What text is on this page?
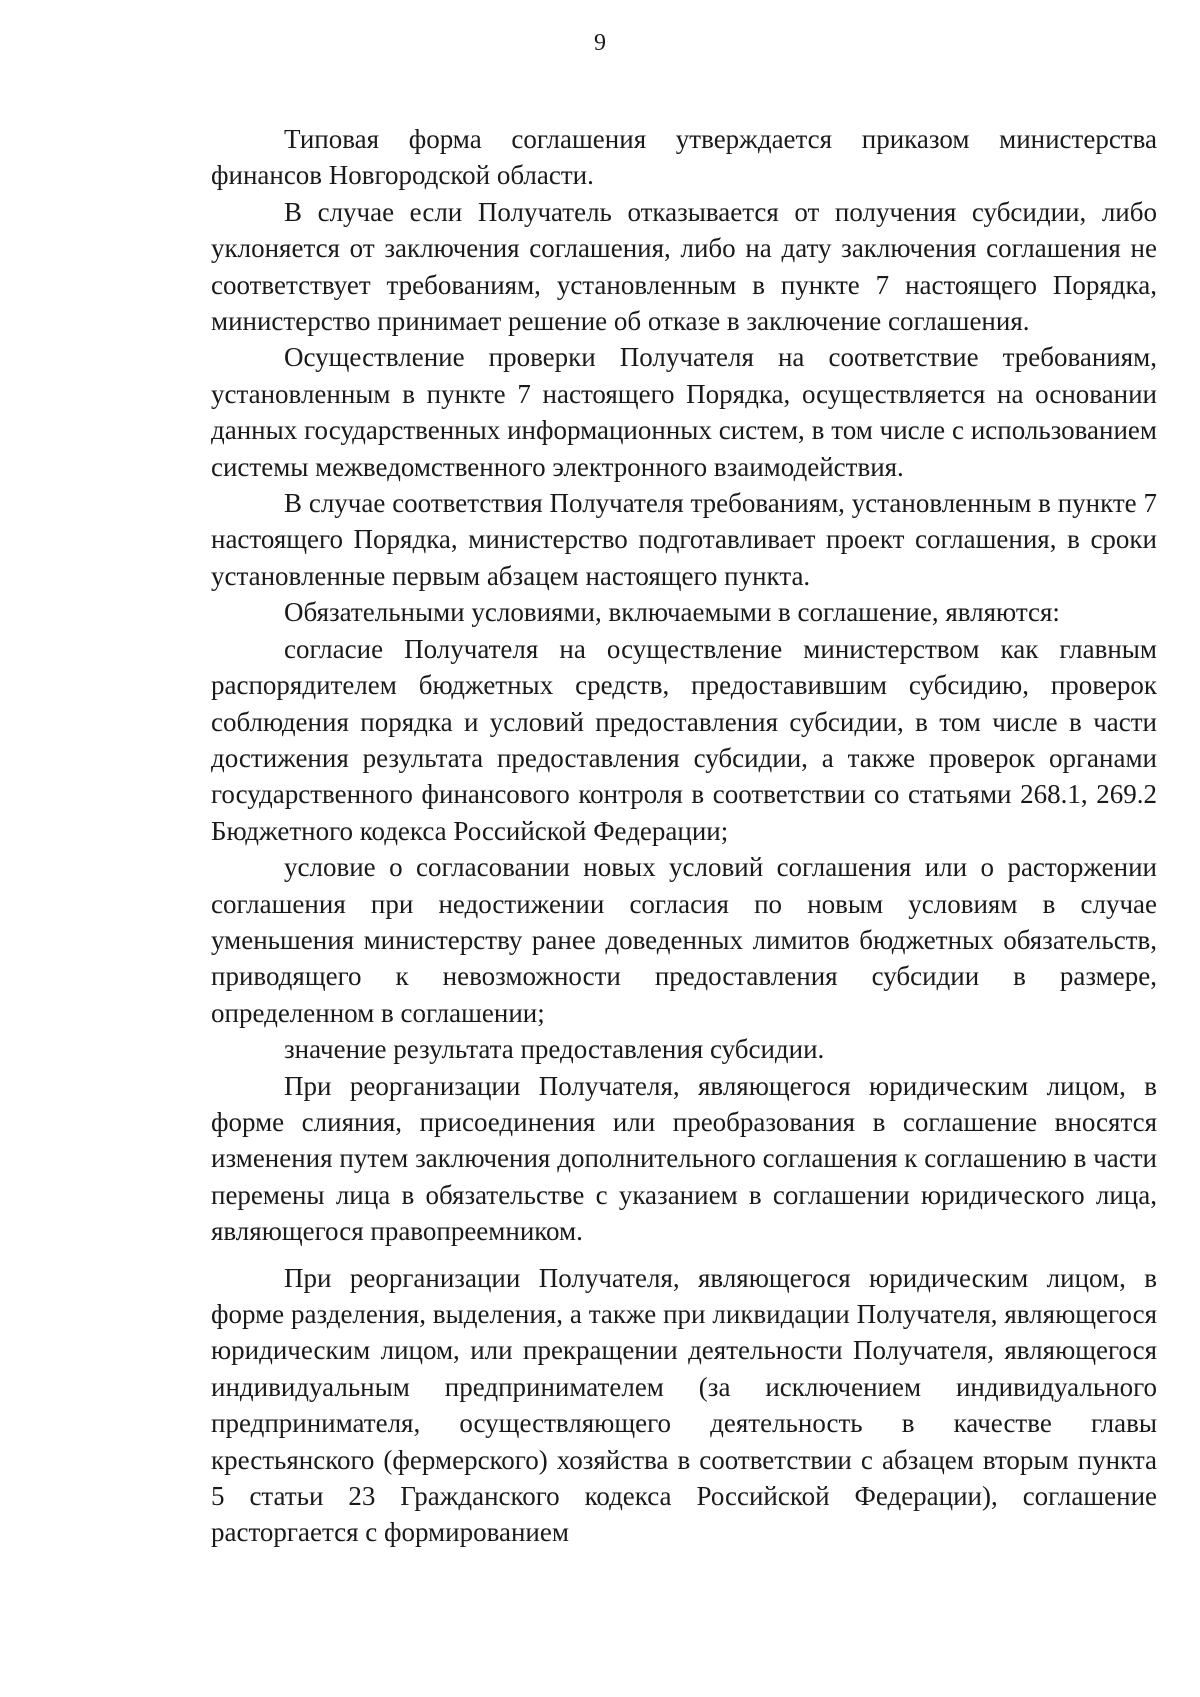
9

Типовая форма соглашения утверждается приказом министерства финансов Новгородской области.

В случае если Получатель отказывается от получения субсидии, либо уклоняется от заключения соглашения, либо на дату заключения соглашения не соответствует требованиям, установленным в пункте 7 настоящего Порядка, министерство принимает решение об отказе в заключение соглашения.

Осуществление проверки Получателя на соответствие требованиям, установленным в пункте 7 настоящего Порядка, осуществляется на основании данных государственных информационных систем, в том числе с использованием системы межведомственного электронного взаимодействия.

В случае соответствия Получателя требованиям, установленным в пункте 7 настоящего Порядка, министерство подготавливает проект соглашения, в сроки установленные первым абзацем настоящего пункта.

Обязательными условиями, включаемыми в соглашение, являются:

согласие Получателя на осуществление министерством как главным распорядителем бюджетных средств, предоставившим субсидию, проверок соблюдения порядка и условий предоставления субсидии, в том числе в части достижения результата предоставления субсидии, а также проверок органами государственного финансового контроля в соответствии со статьями 268.1, 269.2 Бюджетного кодекса Российской Федерации;

условие о согласовании новых условий соглашения или о расторжении соглашения при недостижении согласия по новым условиям в случае уменьшения министерству ранее доведенных лимитов бюджетных обязательств, приводящего к невозможности предоставления субсидии в размере, определенном в соглашении;

значение результата предоставления субсидии.

При реорганизации Получателя, являющегося юридическим лицом, в форме слияния, присоединения или преобразования в соглашение вносятся изменения путем заключения дополнительного соглашения к соглашению в части перемены лица в обязательстве с указанием в соглашении юридического лица, являющегося правопреемником.

При реорганизации Получателя, являющегося юридическим лицом, в форме разделения, выделения, а также при ликвидации Получателя, являющегося юридическим лицом, или прекращении деятельности Получателя, являющегося индивидуальным предпринимателем (за исключением индивидуального предпринимателя, осуществляющего деятельность в качестве главы крестьянского (фермерского) хозяйства в соответствии с абзацем вторым пункта 5 статьи 23 Гражданского кодекса Российской Федерации), соглашение расторгается с формированием
